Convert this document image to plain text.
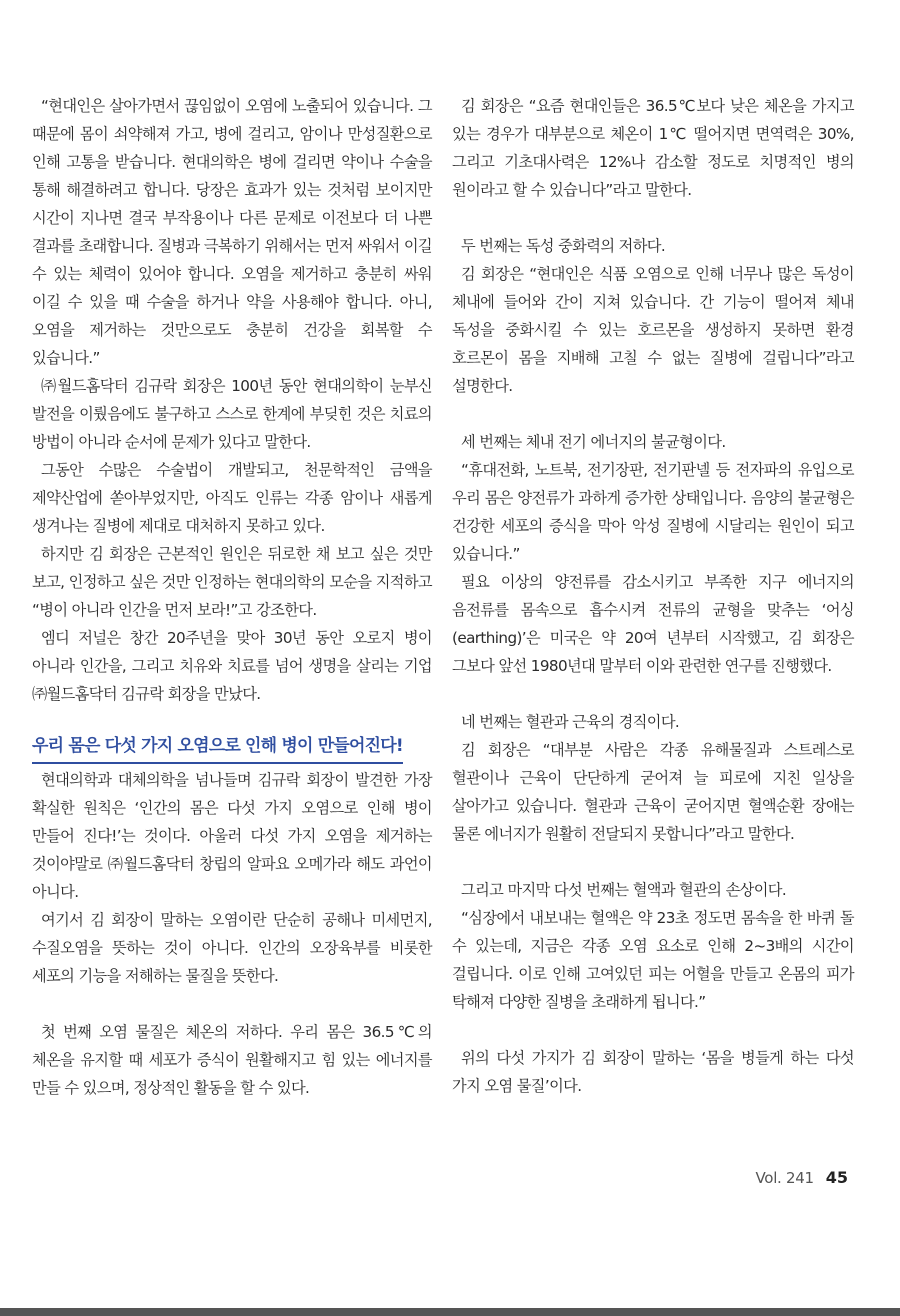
“현대인은 살아가면서 끊임없이 오염에 노출되어 있습니다. 그 때문에 몸이 쇠약해져 가고, 병에 걸리고, 암이나 만성질환으로 인해 고통을 받습니다. 현대의학은 병에 걸리면 약이나 수술을 통해 해결하려고 합니다. 당장은 효과가 있는 것처럼 보이지만 시간이 지나면 결국 부작용이나 다른 문제로 이전보다 더 나쁜 결과를 초래합니다. 질병과 극복하기 위해서는 먼저 싸워서 이길 수 있는 체력이 있어야 합니다. 오염을 제거하고 충분히 싸워 이길 수 있을 때 수술을 하거나 약을 사용해야 합니다. 아니, 오염을 제거하는 것만으로도 충분히 건강을 회복할 수 있습니다.”

㈜월드홈닥터 김규락 회장은 100년 동안 현대의학이 눈부신 발전을 이뤘음에도 불구하고 스스로 한계에 부딪힌 것은 치료의 방법이 아니라 순서에 문제가 있다고 말한다.

그동안 수많은 수술법이 개발되고, 천문학적인 금액을 제약산업에 쏟아부었지만, 아직도 인류는 각종 암이나 새롭게 생겨나는 질병에 제대로 대처하지 못하고 있다.

하지만 김 회장은 근본적인 원인은 뒤로한 채 보고 싶은 것만 보고, 인정하고 싶은 것만 인정하는 현대의학의 모순을 지적하고 “병이 아니라 인간을 먼저 보라!”고 강조한다.

엠디 저널은 창간 20주년을 맞아 30년 동안 오로지 병이 아니라 인간을, 그리고 치유와 치료를 넘어 생명을 살리는 기업 ㈜월드홈닥터 김규락 회장을 만났다.

우리 몸은 다섯 가지 오염으로 인해 병이 만들어진다!

현대의학과 대체의학을 넘나들며 김규락 회장이 발견한 가장 확실한 원칙은 ‘인간의 몸은 다섯 가지 오염으로 인해 병이 만들어 진다!’는 것이다. 아울러 다섯 가지 오염을 제거하는 것이야말로 ㈜월드홈닥터 창립의 알파요 오메가라 해도 과언이 아니다.

여기서 김 회장이 말하는 오염이란 단순히 공해나 미세먼지, 수질오염을 뜻하는 것이 아니다. 인간의 오장육부를 비롯한 세포의 기능을 저해하는 물질을 뜻한다.

첫 번째 오염 물질은 체온의 저하다. 우리 몸은 36.5℃의 체온을 유지할 때 세포가 증식이 원활해지고 힘 있는 에너지를 만들 수 있으며, 정상적인 활동을 할 수 있다.

김 회장은 “요즘 현대인들은 36.5℃보다 낮은 체온을 가지고 있는 경우가 대부분으로 체온이 1℃ 떨어지면 면역력은 30%, 그리고 기초대사력은 12%나 감소할 정도로 치명적인 병의 원이라고 할 수 있습니다”라고 말한다.

두 번째는 독성 중화력의 저하다.

김 회장은 “현대인은 식품 오염으로 인해 너무나 많은 독성이 체내에 들어와 간이 지쳐 있습니다. 간 기능이 떨어져 체내 독성을 중화시킬 수 있는 호르몬을 생성하지 못하면 환경 호르몬이 몸을 지배해 고칠 수 없는 질병에 걸립니다”라고 설명한다.

세 번째는 체내 전기 에너지의 불균형이다.

“휴대전화, 노트북, 전기장판, 전기판넬 등 전자파의 유입으로 우리 몸은 양전류가 과하게 증가한 상태입니다. 음양의 불균형은 건강한 세포의 증식을 막아 악성 질병에 시달리는 원인이 되고 있습니다.”

필요 이상의 양전류를 감소시키고 부족한 지구 에너지의 음전류를 몸속으로 흡수시켜 전류의 균형을 맞추는 ‘어싱(earthing)’은 미국은 약 20여 년부터 시작했고, 김 회장은 그보다 앞선 1980년대 말부터 이와 관련한 연구를 진행했다.

네 번째는 혈관과 근육의 경직이다.

김 회장은 “대부분 사람은 각종 유해물질과 스트레스로 혈관이나 근육이 단단하게 굳어져 늘 피로에 지친 일상을 살아가고 있습니다. 혈관과 근육이 굳어지면 혈액순환 장애는 물론 에너지가 원활히 전달되지 못합니다”라고 말한다.

그리고 마지막 다섯 번째는 혈액과 혈관의 손상이다.

“심장에서 내보내는 혈액은 약 23초 정도면 몸속을 한 바퀴 돌 수 있는데, 지금은 각종 오염 요소로 인해 2~3배의 시간이 걸립니다. 이로 인해 고여있던 피는 어혈을 만들고 온몸의 피가 탁해져 다양한 질병을 초래하게 됩니다.”

위의 다섯 가지가 김 회장이 말하는 ‘몸을 병들게 하는 다섯 가지 오염 물질’이다.

Vol. 241 45
